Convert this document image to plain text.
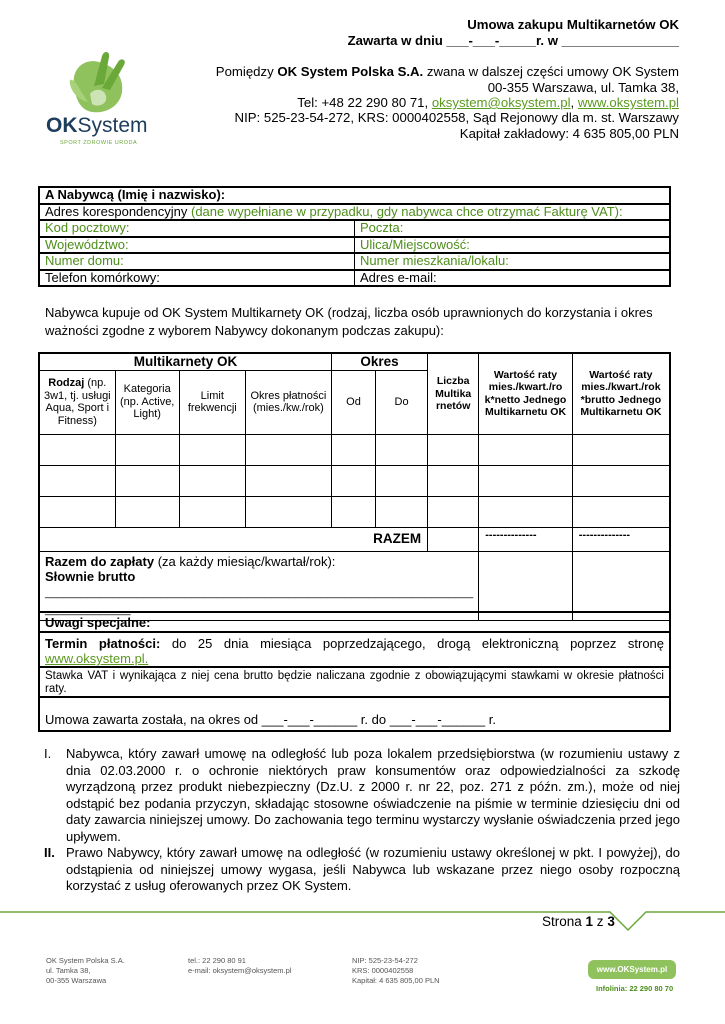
OKSystem
SPORT ZDROWIE URODA
Umowa zakupu Multikarnetów OK
Zawarta w dniu ___-___-_____r. w ________________
Pomiędzy OK System Polska S.A. zwana w dalszej części umowy OK System
00-355 Warszawa, ul. Tamka 38,
Tel: +48 22 290 80 71, oksystem@oksystem.pl, www.oksystem.pl
NIP: 525-23-54-272, KRS: 0000402558, Sąd Rejonowy dla m. st. Warszawy
Kapitał zakładowy: 4 635 805,00 PLN
A Nabywcą (Imię i nazwisko):	
Adres korespondencyjny (dane wypełniane w przypadku, gdy nabywca chce otrzymać Fakturę VAT):	
Kod pocztowy:	Poczta:
Województwo:	Ulica/Miejscowość:
Numer domu:	Numer mieszkania/lokalu:
Telefon komórkowy:	Adres e-mail:
Nabywca kupuje od OK System Multikarnety OK (rodzaj, liczba osób uprawnionych do korzystania i okres ważności zgodne z wyborem Nabywcy dokonanym podczas zakupu):
Multikarnety OK				Okres		Liczba Multika rnetów	Wartość raty mies./kwart./ro k*netto Jednego Multikarnetu OK	Wartość raty mies./kwart./rok *brutto Jednego Multikarnetu OK
Rodzaj (np. 3w1, tj. usługi Aqua, Sport i Fitness)	Kategoria (np. Active, Light)	Limit frekwencji	Okres płatności (mies./kw./rok)	Od	Do			

RAZEM							--------------	--------------
Razem do zapłaty (za każdy miesiąc/kwartał/rok):
Słownie brutto
______________________________________________________________________
______________								
Uwagi specjalne:
Termin płatności: do 25 dnia miesiąca poprzedzającego, drogą elektroniczną poprzez stronę www.oksystem.pl.
Stawka VAT i wynikająca z niej cena brutto będzie naliczana zgodnie z obowiązującymi stawkami w okresie płatności raty.
Umowa zawarta została, na okres od ___-___-______ r. do ___-___-______ r.
I.	Nabywca, który zawarł umowę na odległość lub poza lokalem przedsiębiorstwa (w rozumieniu ustawy z dnia 02.03.2000 r. o ochronie niektórych praw konsumentów oraz odpowiedzialności za szkodę wyrządzoną przez produkt niebezpieczny (Dz.U. z 2000 r. nr 22, poz. 271 z późn. zm.), może od niej odstąpić bez podania przyczyn, składając stosowne oświadczenie na piśmie w terminie dziesięciu dni od daty zawarcia niniejszej umowy. Do zachowania tego terminu wystarczy wysłanie oświadczenia przed jego upływem.
II. Prawo Nabywcy, który zawarł umowę na odległość (w rozumieniu ustawy określonej w pkt. I powyżej), do odstąpienia od niniejszej umowy wygasa, jeśli Nabywca lub wskazane przez niego osoby rozpoczną korzystać z usług oferowanych przez OK System.
Strona 1 z 3
OK System Polska S.A.
ul. Tamka 38,
00-355 Warszawa
tel.: 22 290 80 91
e-mail: oksystem@oksystem.pl
NIP: 525-23-54-272
KRS: 0000402558
Kapitał: 4 635 805,00 PLN
www.OKSystem.pl
Infolinia: 22 290 80 70
